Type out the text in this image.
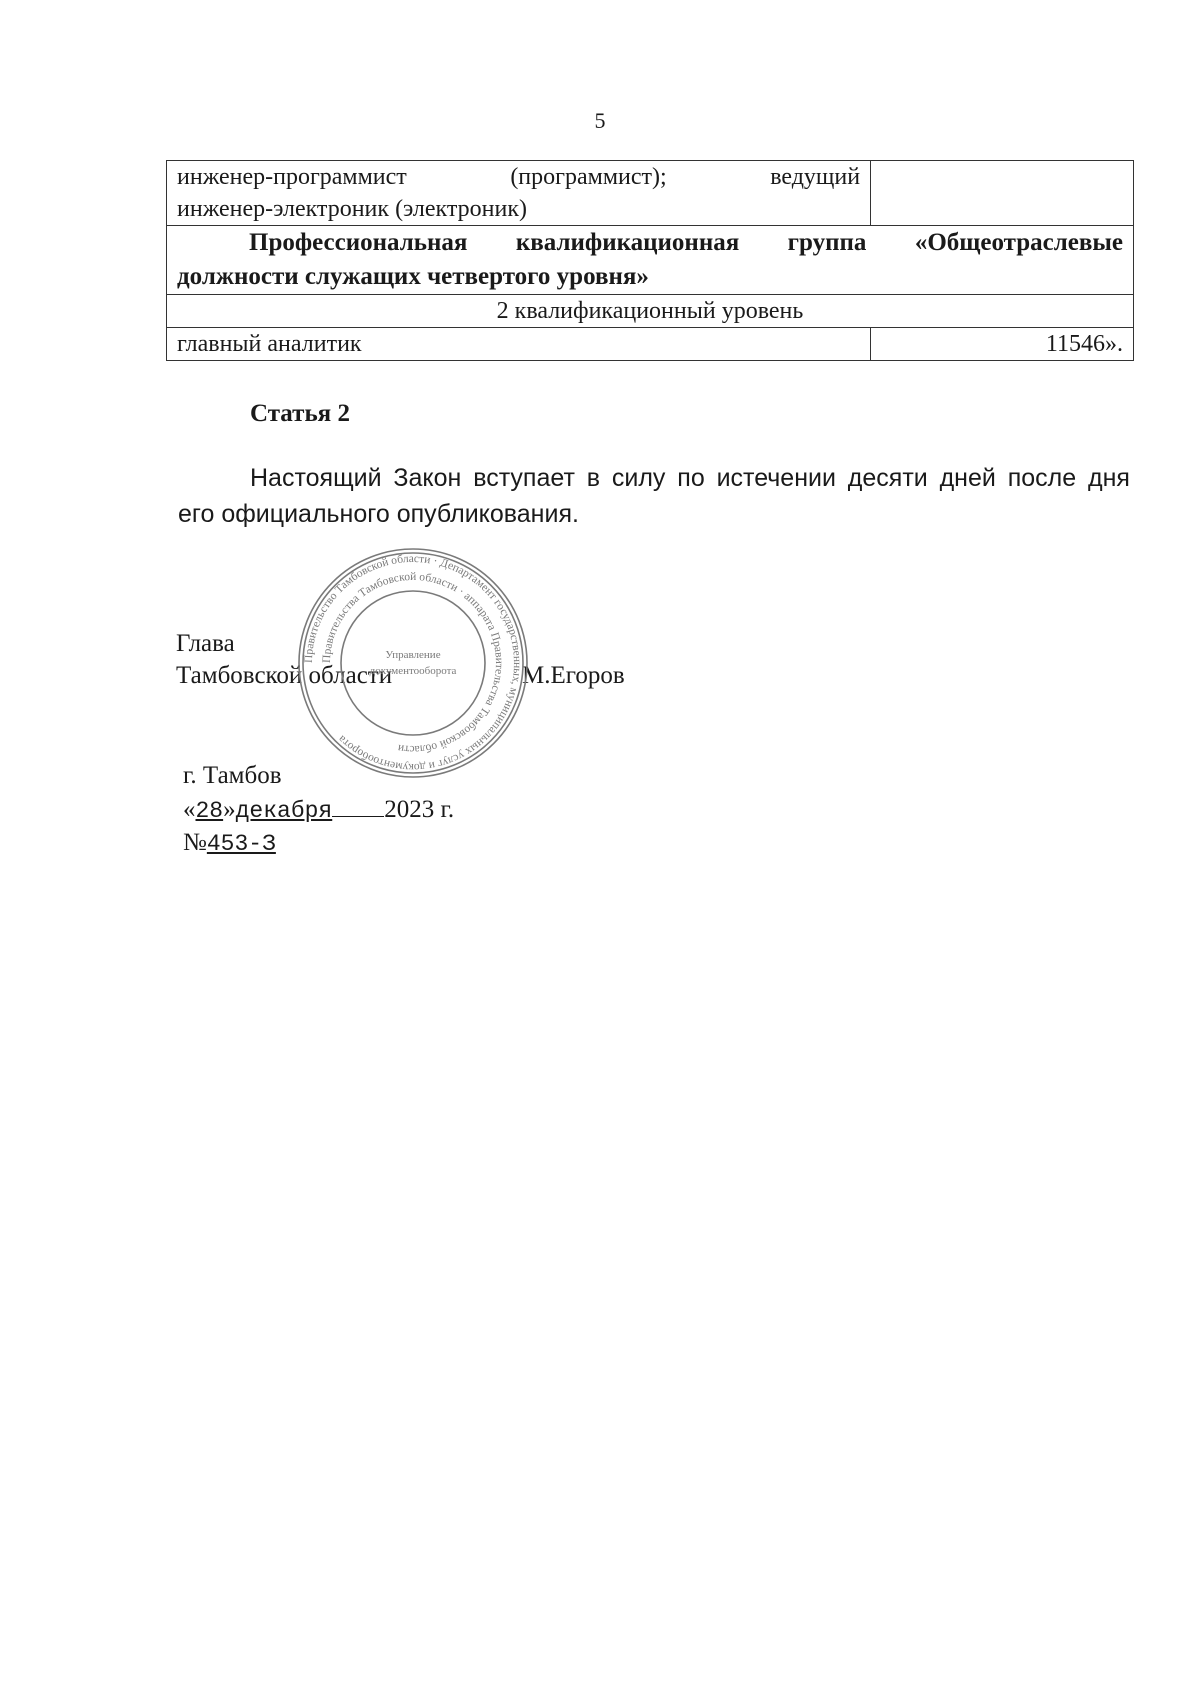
5
инженер-программист (программист); ведущий
инженер-электроник (электроник)	

Профессиональная квалификационная группа «Общеотраслевые
должности служащих четвертого уровня»	

2 квалификационный уровень	
главный аналитик	11546».
Статья 2
Настоящий Закон вступает в силу по истечении десяти дней после дня
его официального опубликования.
Глава
Тамбовской области	М.Егоров
Правительство Тамбовской области · Департамент государственных, муниципальных услуг и документооборота
Правительства Тамбовской области · аппарата Правительства Тамбовской области
Управление
документооборота
г. Тамбов
« 28 » декабря 2023 г.
№ 453-З
